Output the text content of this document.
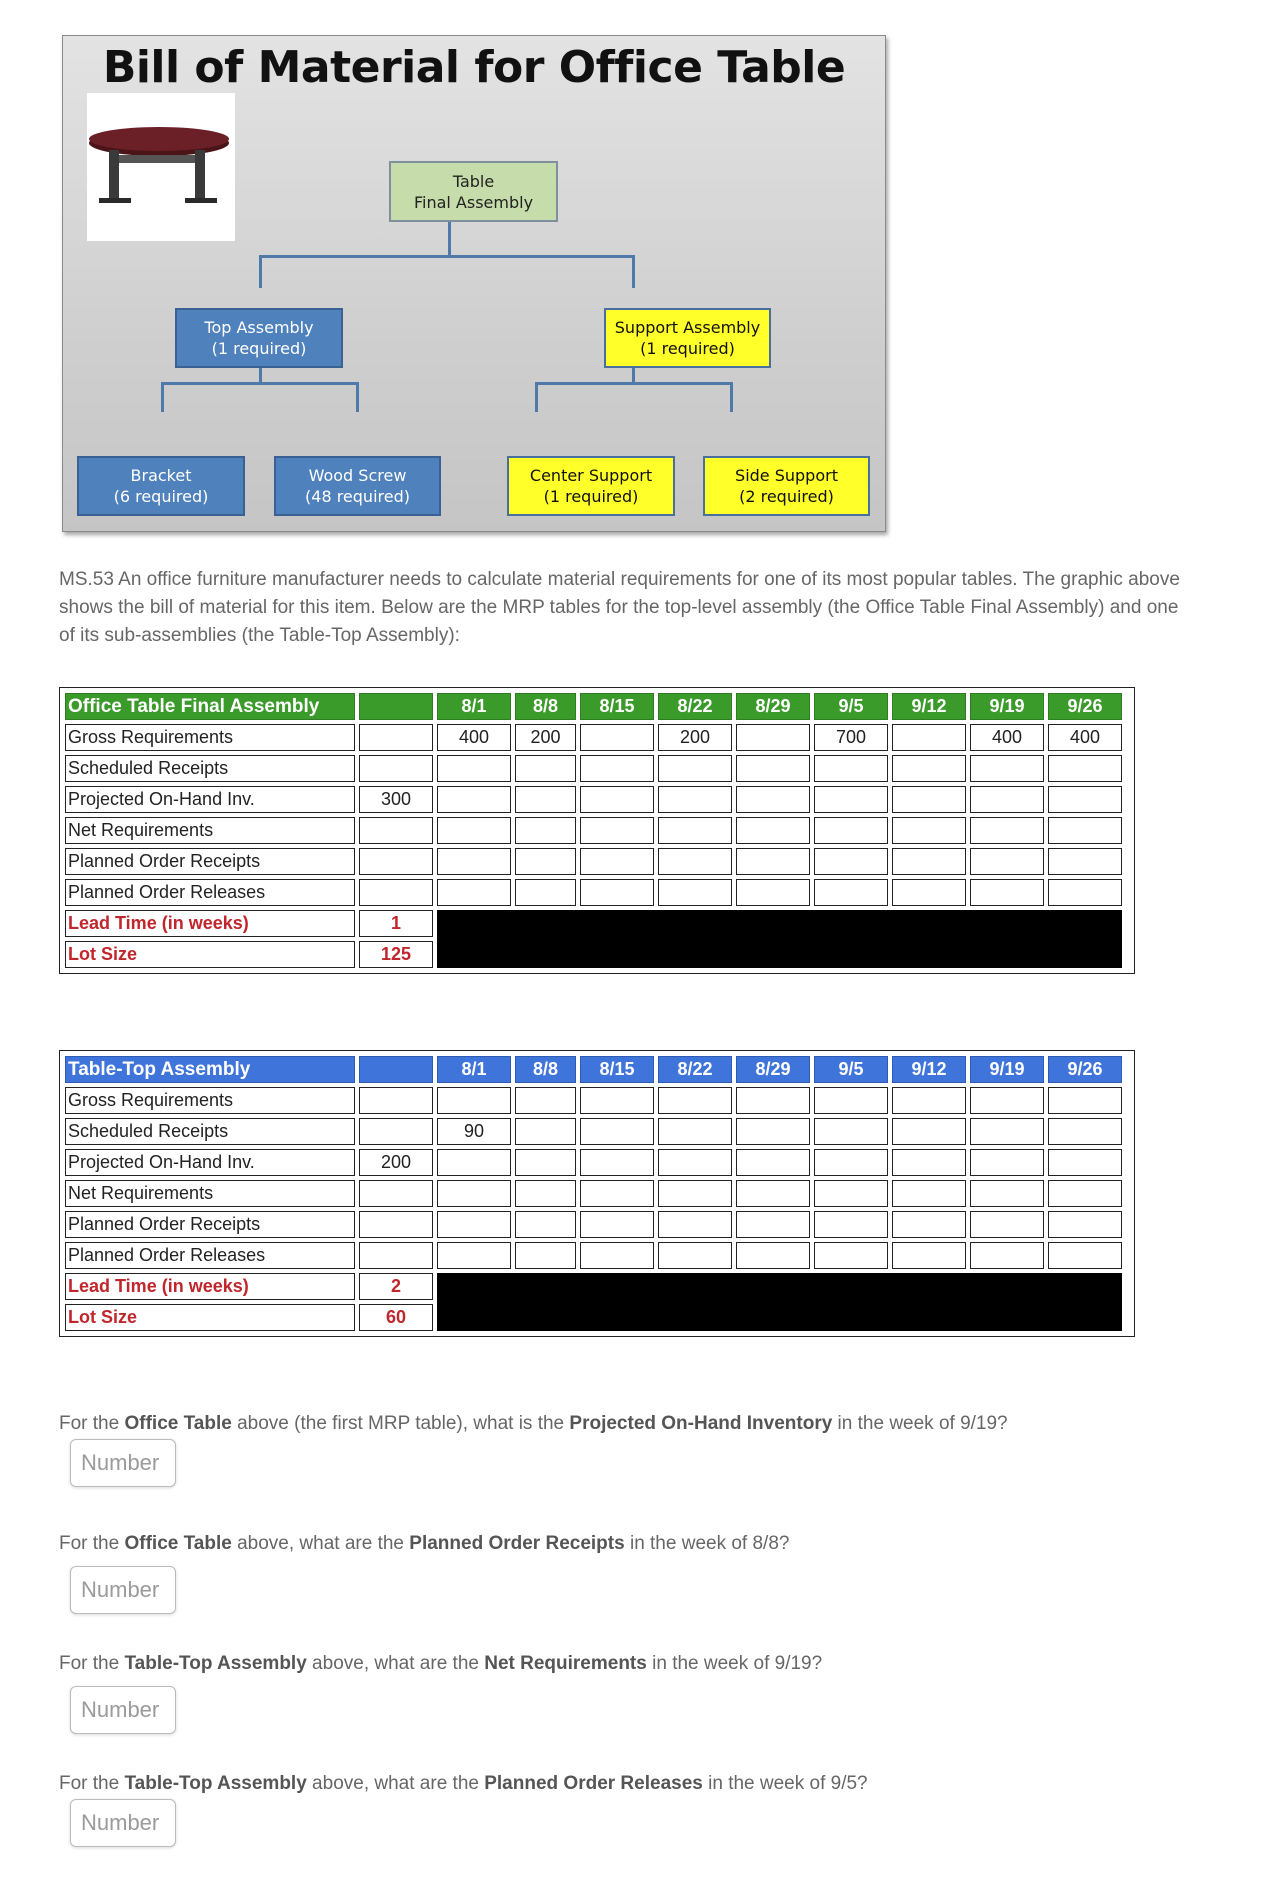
Bill of Material for Office Table
Table
Final Assembly
Top Assembly
(1 required)
Support Assembly
(1 required)
Bracket
(6 required)
Wood Screw
(48 required)
Center Support
(1 required)
Side Support
(2 required)
MS.53 An office furniture manufacturer needs to calculate material requirements for one of its most popular tables. The graphic above shows the bill of material for this item. Below are the MRP tables for the top-level assembly (the Office Table Final Assembly) and one of its sub-assemblies (the Table-Top Assembly):
Office Table Final Assembly		8/1	8/8	8/15	8/22	8/29	9/5	9/12	9/19	9/26
Gross Requirements		400	200		200		700		400	400
Scheduled Receipts										
Projected On-Hand Inv.	300									
Net Requirements										
Planned Order Receipts										
Planned Order Releases										
Lead Time (in weeks)	1									
Lot Size	125									
Table-Top Assembly		8/1	8/8	8/15	8/22	8/29	9/5	9/12	9/19	9/26
Gross Requirements										
Scheduled Receipts		90								
Projected On-Hand Inv.	200									
Net Requirements										
Planned Order Receipts										
Planned Order Releases										
Lead Time (in weeks)	2									
Lot Size	60									
For the Office Table above (the first MRP table), what is the Projected On-Hand Inventory in the week of 9/19?
Number
For the Office Table above, what are the Planned Order Receipts in the week of 8/8?
Number
For the Table-Top Assembly above, what are the Net Requirements in the week of 9/19?
Number
For the Table-Top Assembly above, what are the Planned Order Releases in the week of 9/5?
Number
